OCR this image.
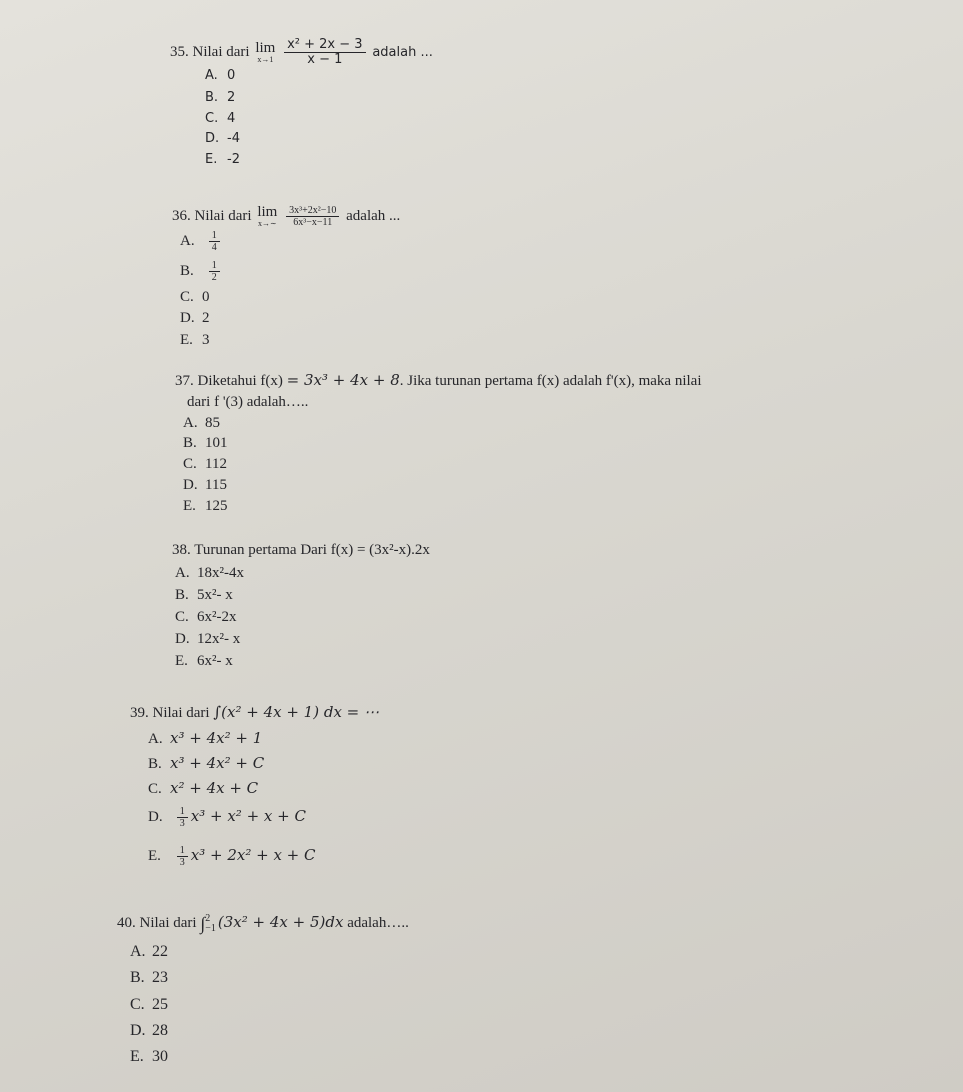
35. Nilai dari lim
x→1
$\frac{\text{x² + 2x − 3}}{x - 1}$ adalah ...
A. 0
B. 2
C. 4
D. -4
E. -2
36. Nilai dari lim
x→∼
$\frac{\text{3x³+2x²−10}}{\text{6x³−x−11}}$ adalah ...
A. $\frac{1}{4}$
B. $\frac{1}{2}$
C. 0
D. 2
E. 3
37. Diketahui f(x) = 3x³ + 4x + 8. Jika turunan pertama f(x) adalah f'(x), maka nilai
dari f '(3) adalah…..
A. 85
B. 101
C. 112
D. 115
E. 125
38. Turunan pertama Dari f(x) = (3x²-x).2x
A. 18x²-4x
B. 5x²- x
C. 6x²-2x
D. 12x²- x
E. 6x²- x
39. Nilai dari ∫(x² + 4x + 1) dx = ⋯
A. x³ + 4x² + 1
B. x³ + 4x² + C
C. x² + 4x + C
D. $\frac{1}{3} x^3 + x^2 + x + C$
E. $\frac{1}{3} x^3 + 2x^2 + x + C$
40. Nilai dari ∫ 2
−1 (3x² + 4x + 5)dx adalah…..
A. 22
B. 23
C. 25
D. 28
E. 30
